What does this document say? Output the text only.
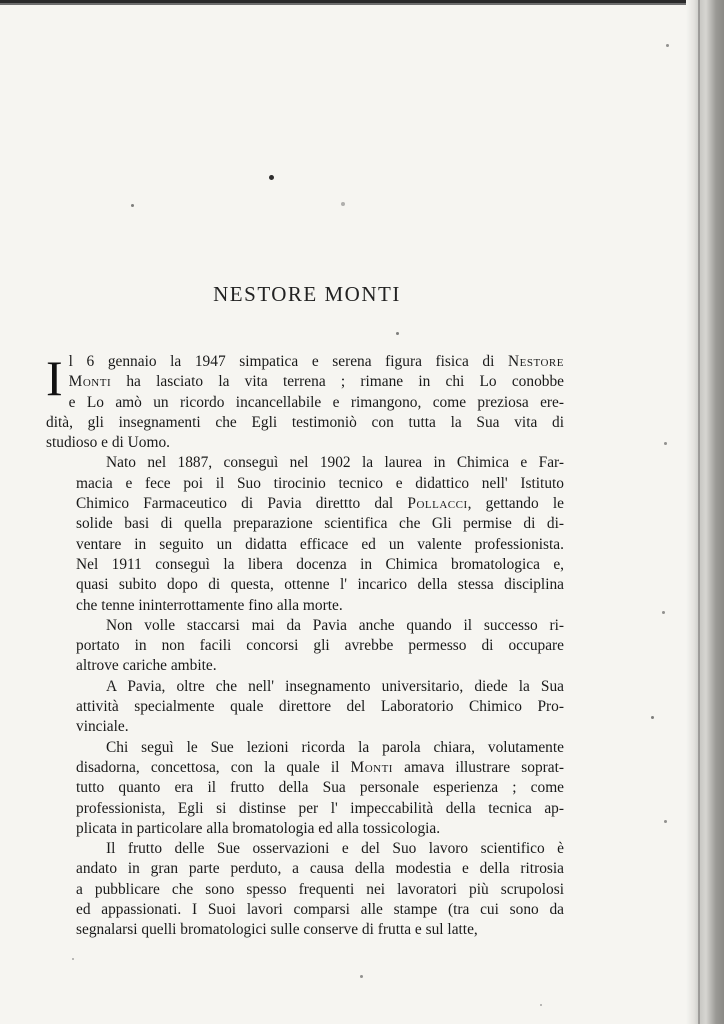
NESTORE MONTI

I l 6 gennaio la 1947 simpatica e serena figura fisica di Nestore
Monti ha lasciato la vita terrena ; rimane in chi Lo conobbe
e Lo amò un ricordo incancellabile e rimangono, come preziosa ere-
dità, gli insegnamenti che Egli testimoniò con tutta la Sua vita di
studioso e di Uomo.

Nato nel 1887, conseguì nel 1902 la laurea in Chimica e Far-
macia e fece poi il Suo tirocinio tecnico e didattico nell' Istituto
Chimico Farmaceutico di Pavia direttto dal Pollacci, gettando le
solide basi di quella preparazione scientifica che Gli permise di di-
ventare in seguito un didatta efficace ed un valente professionista.
Nel 1911 conseguì la libera docenza in Chimica bromatologica e,
quasi subito dopo di questa, ottenne l' incarico della stessa disciplina
che tenne ininterrottamente fino alla morte.

Non volle staccarsi mai da Pavia anche quando il successo ri-
portato in non facili concorsi gli avrebbe permesso di occupare
altrove cariche ambite.

A Pavia, oltre che nell' insegnamento universitario, diede la Sua
attività specialmente quale direttore del Laboratorio Chimico Pro-
vinciale.

Chi seguì le Sue lezioni ricorda la parola chiara, volutamente
disadorna, concettosa, con la quale il Monti amava illustrare soprat-
tutto quanto era il frutto della Sua personale esperienza ; come
professionista, Egli si distinse per l' impeccabilità della tecnica ap-
plicata in particolare alla bromatologia ed alla tossicologia.

Il frutto delle Sue osservazioni e del Suo lavoro scientifico è
andato in gran parte perduto, a causa della modestia e della ritrosia
a pubblicare che sono spesso frequenti nei lavoratori più scrupolosi
ed appassionati. I Suoi lavori comparsi alle stampe (tra cui sono da
segnalarsi quelli bromatologici sulle conserve di frutta e sul latte,
